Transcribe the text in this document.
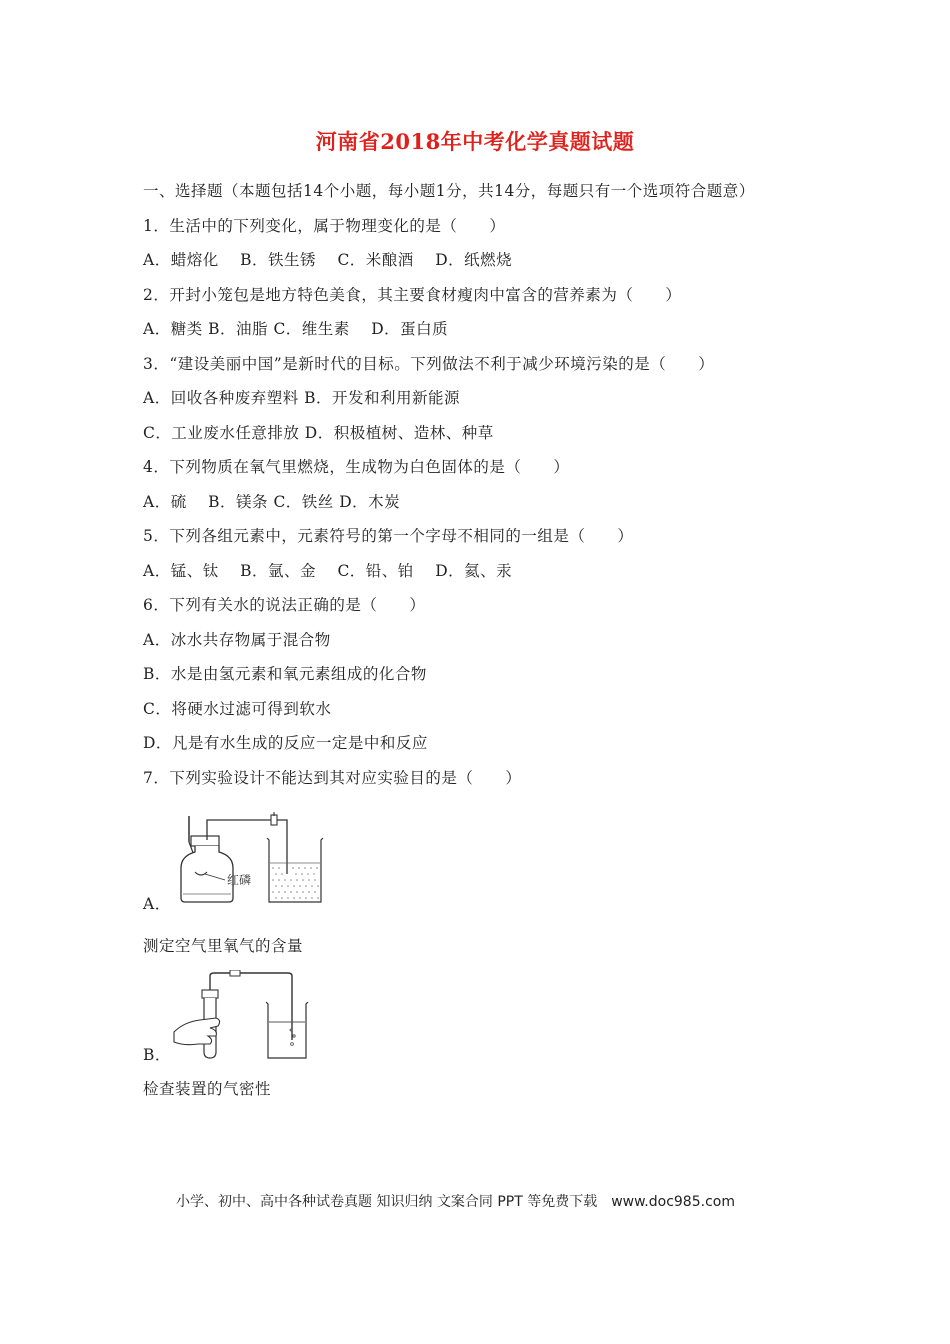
河南省2018年中考化学真题试题
一、选择题（本题包括14个小题，每小题1分，共14分，每题只有一个选项符合题意）
1．生活中的下列变化，属于物理变化的是（　　）
A．蜡熔化　 B．铁生锈　 C．米酿酒　 D．纸燃烧
2．开封小笼包是地方特色美食，其主要食材瘦肉中富含的营养素为（　　）
A．糖类 B．油脂 C．维生素　 D．蛋白质
3．“建设美丽中国”是新时代的目标。下列做法不利于减少环境污染的是（　　）
A．回收各种废弃塑料 B．开发和利用新能源
C．工业废水任意排放 D．积极植树、造林、种草
4．下列物质在氧气里燃烧，生成物为白色固体的是（　　）
A．硫　 B．镁条 C．铁丝 D．木炭
5．下列各组元素中，元素符号的第一个字母不相同的一组是（　　）
A．锰、钛　 B．氩、金　 C．铅、铂　 D．氦、汞
6．下列有关水的说法正确的是（　　）
A．冰水共存物属于混合物
B．水是由氢元素和氧元素组成的化合物
C．将硬水过滤可得到软水
D．凡是有水生成的反应一定是中和反应
7．下列实验设计不能达到其对应实验目的是（　　）
红磷
A．
测定空气里氧气的含量
B．
检查装置的气密性
小学、初中、高中各种试卷真题 知识归纳 文案合同 PPT 等免费下载　www.doc985.com
